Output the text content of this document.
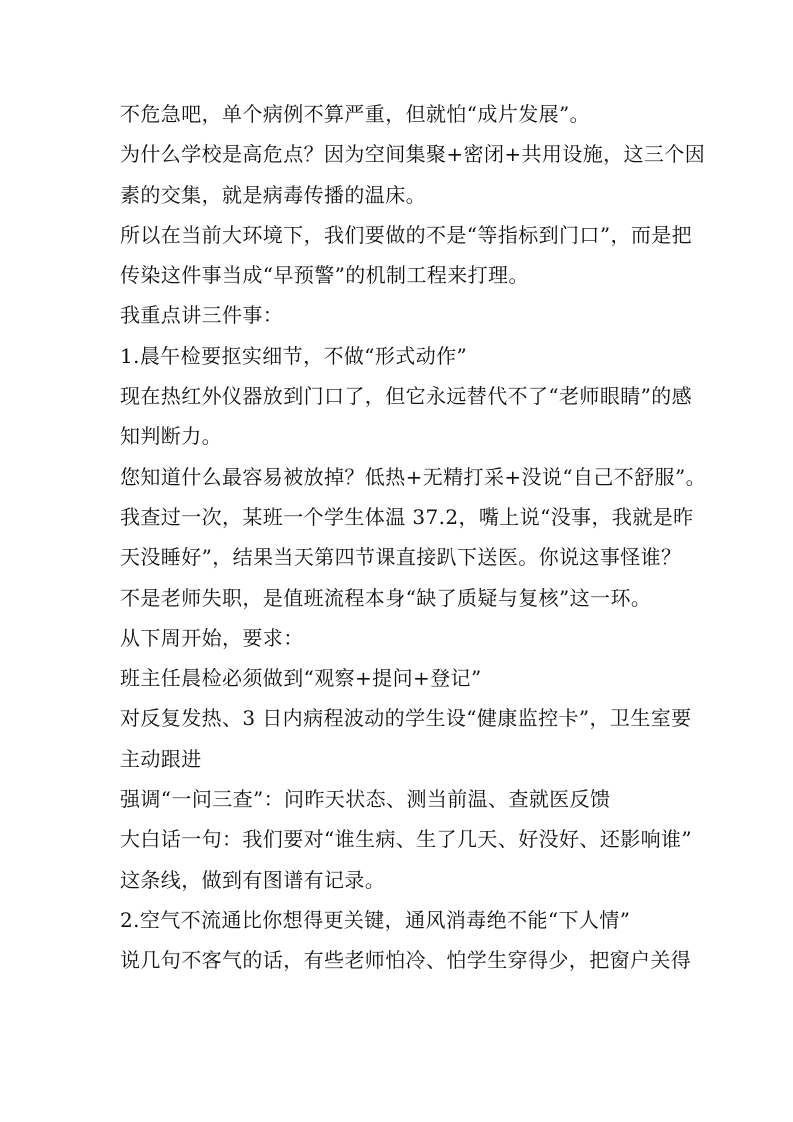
不危急吧，单个病例不算严重，但就怕“成片发展”。
为什么学校是高危点？因为空间集聚+密闭+共用设施，这三个因
素的交集，就是病毒传播的温床。
所以在当前大环境下，我们要做的不是“等指标到门口”，而是把
传染这件事当成“早预警”的机制工程来打理。
我重点讲三件事：
1.晨午检要抠实细节，不做“形式动作”
现在热红外仪器放到门口了，但它永远替代不了“老师眼睛”的感
知判断力。
您知道什么最容易被放掉？低热+无精打采+没说“自己不舒服”。
我查过一次，某班一个学生体温 37.2，嘴上说“没事，我就是昨
天没睡好”，结果当天第四节课直接趴下送医。你说这事怪谁？
不是老师失职，是值班流程本身“缺了质疑与复核”这一环。
从下周开始，要求：
班主任晨检必须做到“观察+提问+登记”
对反复发热、3 日内病程波动的学生设“健康监控卡”，卫生室要
主动跟进
强调“一问三查”：问昨天状态、测当前温、查就医反馈
大白话一句：我们要对“谁生病、生了几天、好没好、还影响谁”
这条线，做到有图谱有记录。
2.空气不流通比你想得更关键，通风消毒绝不能“下人情”
说几句不客气的话，有些老师怕冷、怕学生穿得少，把窗户关得
